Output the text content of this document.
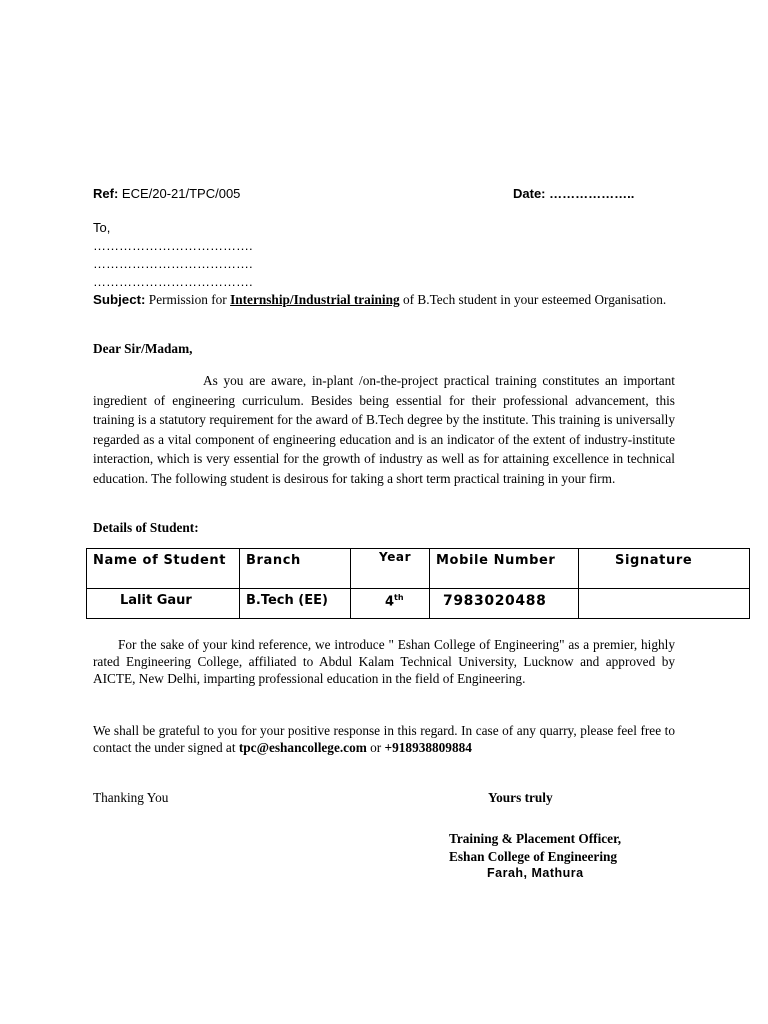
Ref: ECE/20-21/TPC/005	Date: ………………..
To,
……………………………….
……………………………….
……………………………….
Subject: Permission for Internship/Industrial training of B.Tech student in your esteemed Organisation.
Dear Sir/Madam,
As you are aware, in-plant /on-the-project practical training constitutes an important ingredient of engineering curriculum. Besides being essential for their professional advancement, this training is a statutory requirement for the award of B.Tech degree by the institute. This training is universally regarded as a vital component of engineering education and is an indicator of the extent of industry-institute interaction, which is very essential for the growth of industry as well as for attaining excellence in technical education. The following student is desirous for taking a short term practical training in your firm.
Details of Student:
Name of Student	Branch	Year	Mobile Number	Signature

Lalit Gaur	B.Tech (EE)	4th	7983020488	

For the sake of your kind reference, we introduce " Eshan College of Engineering" as a premier, highly rated Engineering College, affiliated to Abdul Kalam Technical University, Lucknow and approved by AICTE, New Delhi, imparting professional education in the field of Engineering.
We shall be grateful to you for your positive response in this regard. In case of any quarry, please feel free to contact the under signed at tpc@eshancollege.com or +918938809884
Thanking You	Yours truly
Training & Placement Officer,
Eshan College of Engineering
Farah, Mathura
